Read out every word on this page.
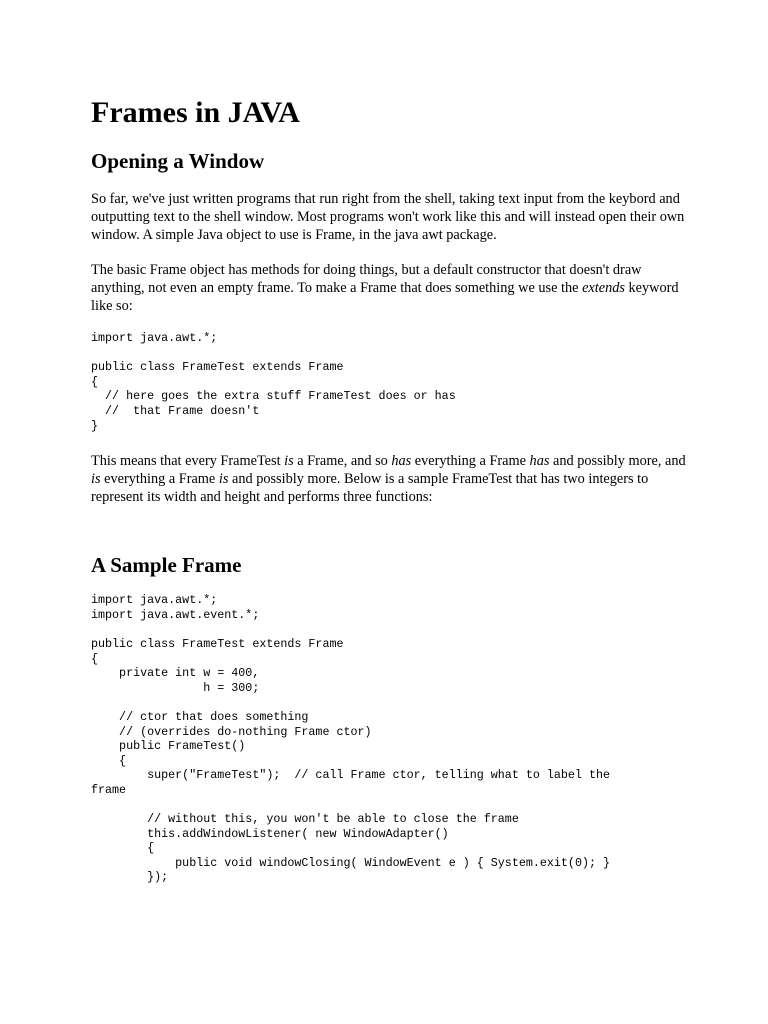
Frames in JAVA
Opening a Window

So far, we've just written programs that run right from the shell, taking text input from the keybord and outputting text to the shell window. Most programs won't work like this and will instead open their own window. A simple Java object to use is Frame, in the java awt package.

The basic Frame object has methods for doing things, but a default constructor that doesn't draw anything, not even an empty frame. To make a Frame that does something we use the extends keyword like so:

import java.awt.*;

public class FrameTest extends Frame
{
// here goes the extra stuff FrameTest does or has
//  that Frame doesn't
}

This means that every FrameTest is a Frame, and so has everything a Frame has and possibly more, and is everything a Frame is and possibly more. Below is a sample FrameTest that has two integers to represent its width and height and performs three functions:

A Sample Frame
import java.awt.*;
import java.awt.event.*;

public class FrameTest extends Frame
{
private int w = 400,
h = 300;

// ctor that does something
// (overrides do-nothing Frame ctor)
public FrameTest()
{
super("FrameTest");  // call Frame ctor, telling what to label the
frame

// without this, you won't be able to close the frame
this.addWindowListener( new WindowAdapter()
{
public void windowClosing( WindowEvent e ) { System.exit(0); }
});
